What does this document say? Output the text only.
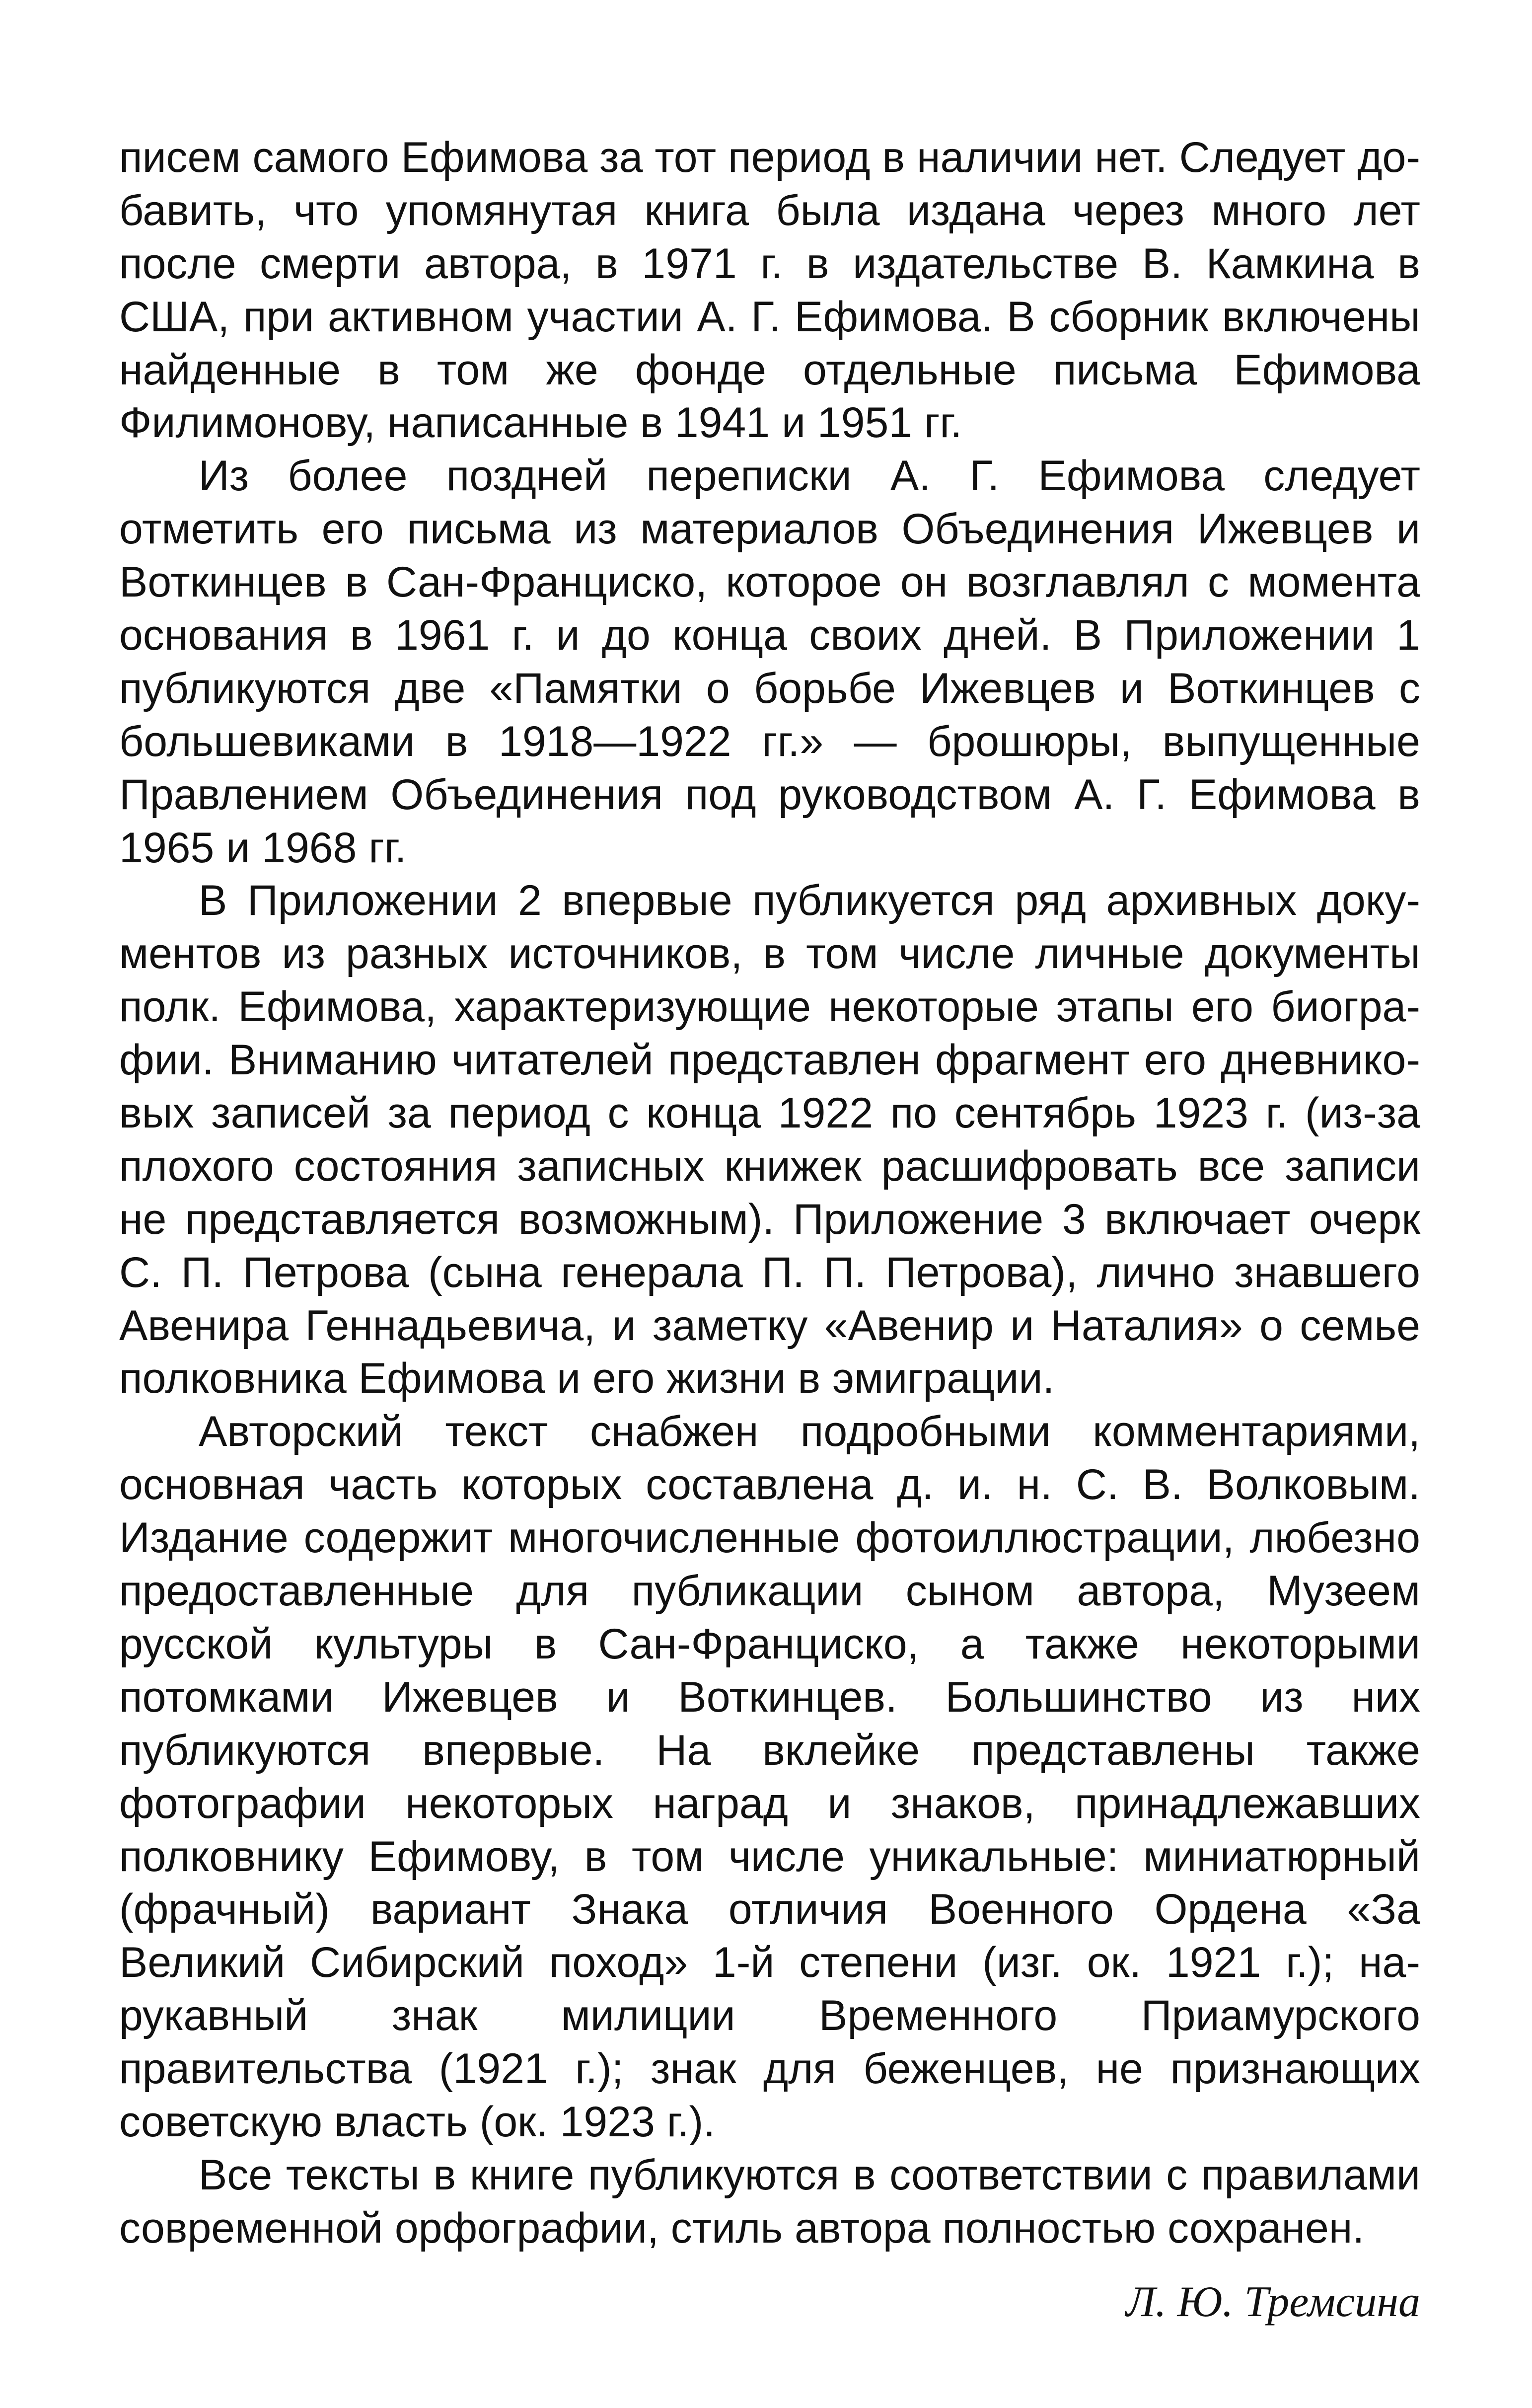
писем самого Ефимова за тот период в наличии нет. Следует добавить, что упомянутая книга была издана через много лет после смерти автора, в 1971 г. в издательстве В. Камкина в США, при активном участии А. Г. Ефимова. В сборник включены найденные в том же фонде отдельные письма Ефимова Филимонову, написанные в 1941 и 1951 гг.

Из более поздней переписки А. Г. Ефимова следует отметить его письма из материалов Объединения Ижевцев и Воткинцев в Сан-Франциско, которое он возглавлял с момента основания в 1961 г. и до конца своих дней. В Приложении 1 публикуются две «Памятки о борьбе Ижевцев и Воткинцев с большевиками в 1918—1922 гг.» — брошюры, выпущенные Правлением Объединения под руководством А. Г. Ефимова в 1965 и 1968 гг.

В Приложении 2 впервые публикуется ряд архивных документов из разных источников, в том числе личные документы полк. Ефимова, характеризующие некоторые этапы его биографии. Вниманию читателей представлен фрагмент его дневниковых записей за период с конца 1922 по сентябрь 1923 г. (из-за плохого состояния записных книжек расшифровать все записи не представляется возможным). Приложение 3 включает очерк С. П. Петрова (сына генерала П. П. Петрова), лично знавшего Авенира Геннадьевича, и заметку «Авенир и Наталия» о семье полковника Ефимова и его жизни в эмиграции.

Авторский текст снабжен подробными комментариями, основная часть которых составлена д. и. н. С. В. Волковым. Издание содержит многочисленные фотоиллюстрации, любезно предоставленные для публикации сыном автора, Музеем русской культуры в Сан-Франциско, а также некоторыми потомками Ижевцев и Воткинцев. Большинство из них публикуются впервые. На вклейке представлены также фотографии некоторых наград и знаков, принадлежавших полковнику Ефимову, в том числе уникальные: миниатюрный (фрачный) вариант Знака отличия Военного Ордена «За Великий Сибирский поход» 1-й степени (изг. ок. 1921 г.); нарукавный знак милиции Временного Приамурского правительства (1921 г.); знак для беженцев, не признающих советскую власть (ок. 1923 г.).

Все тексты в книге публикуются в соответствии с правилами современной орфографии, стиль автора полностью сохранен.

Л. Ю. Тремсина
